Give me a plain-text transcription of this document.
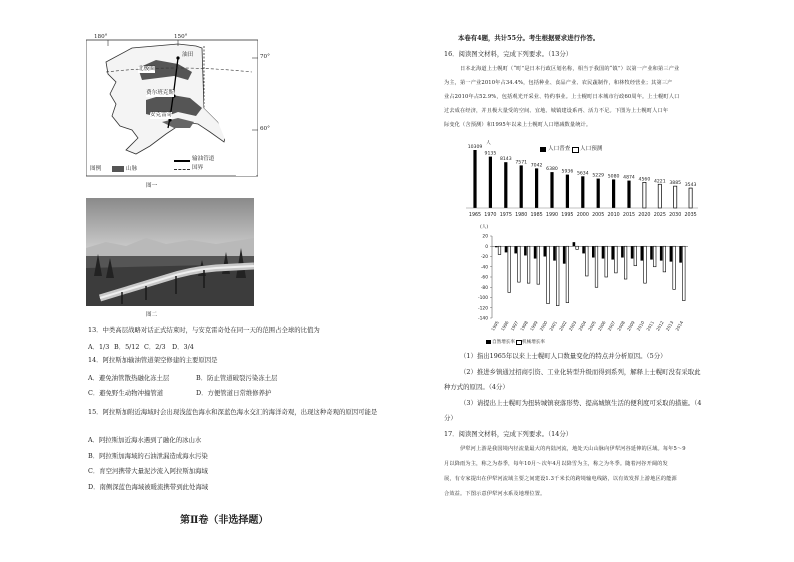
180°	150°
70°
60°
油田
北极圈
费尔班克斯
安克雷奇
图例	山脉
输油管道
国界
图一
图二
13．中类高层战略对话正式结束时，与安克雷奇处在同一天的范围占全球的比值为
A．1/3 B．5/12 C．2/3 D．3/4
14．阿拉斯加输油管道架空修建的主要原因是
A．避免油管散热融化冻土层	B．防止管道破裂污染冻土层
C．避免野生动物冲撞管道	D．方便管道日常维修养护
15．阿拉斯加附近海域时会出现浅蓝色海水和深蓝色海水交汇的海洋奇观，出现这种奇观的原因可能是
A．阿拉斯加近海水遇到了融化的冰山水
B．阿拉斯加海域的石油泄漏造成海水污染
C．育空河携带大量泥沙流入阿拉斯加海域
D．南侧深蓝色海域被暖流携带到此处海域
第Ⅱ卷（非选择题）
本卷有4题，共计55分。考生根据要求进行作答。
16．阅读图文材料，完成下列要求。（13分）
日本北海道上士幌町（“町”是日本行政区划名称，相当于我国的“镇”）以第一产业和第三产业
为主，第一产业2010年占34.4%，包括种业、食品产业、农民蔬制作，和林牧经营业；其第三产
业占2010年占52.9%，包括观光开采业、特约事业。上士幌町日本城市行政60周年。上士幌町人口
过去成在经济，并且极大量受的空间、宜地、城镇建设系再、活力不足。下图为上士幌町人口年
际变化（含预测）和1995年以来上士幌町人口增减数量统计。
10309
1965
9135
1970
8143
1975
7571
1980
7042
1985
6380
1990
5936
1995
5634
2000
5229
2005
5080
2010
4874
2015
4560
2020
4221
2025
3885
2030
3543
2035
人
人口普查 人口预测
20
0
-20
-40
-60
-80
-100
-120
-140
1995 1996 1997 1998 1999 2000 2001 2002 2003 2004 2005 2006 2007 2008 2009 2010 2011 2012 2013 2014
自然增长率 机械增长率
(人)
（1）指出1965年以来上士幌町人口数量变化的特点并分析原因。（5分）
（2）推进乡镇通过招商引资、工业化转型升级而得到系列，解释上士幌町没有采取此
种方式的原因。（4分）
（3）请提出上士幌町为扭转城镇衰落形势、提高城镇生活的便利度可采取的措施。（4
分）
17．阅读图文材料，完成下列要求。（14分）
伊犁河上游是我国境内径流量最大的内陆河流，地处天山山脉向伊犁河谷延伸的区域。每年5～9
月以降雨为主，称之为春季，每年10月～次年4月以降雪为主，称之为冬季。随着河谷开阔的发
展，有专家提出在伊犁河流域主要之间建设1.3千米长的跨境输电线路，以有效发挥上游地区的能源
合效益。下图示意伊犁河水系及地理位置。
